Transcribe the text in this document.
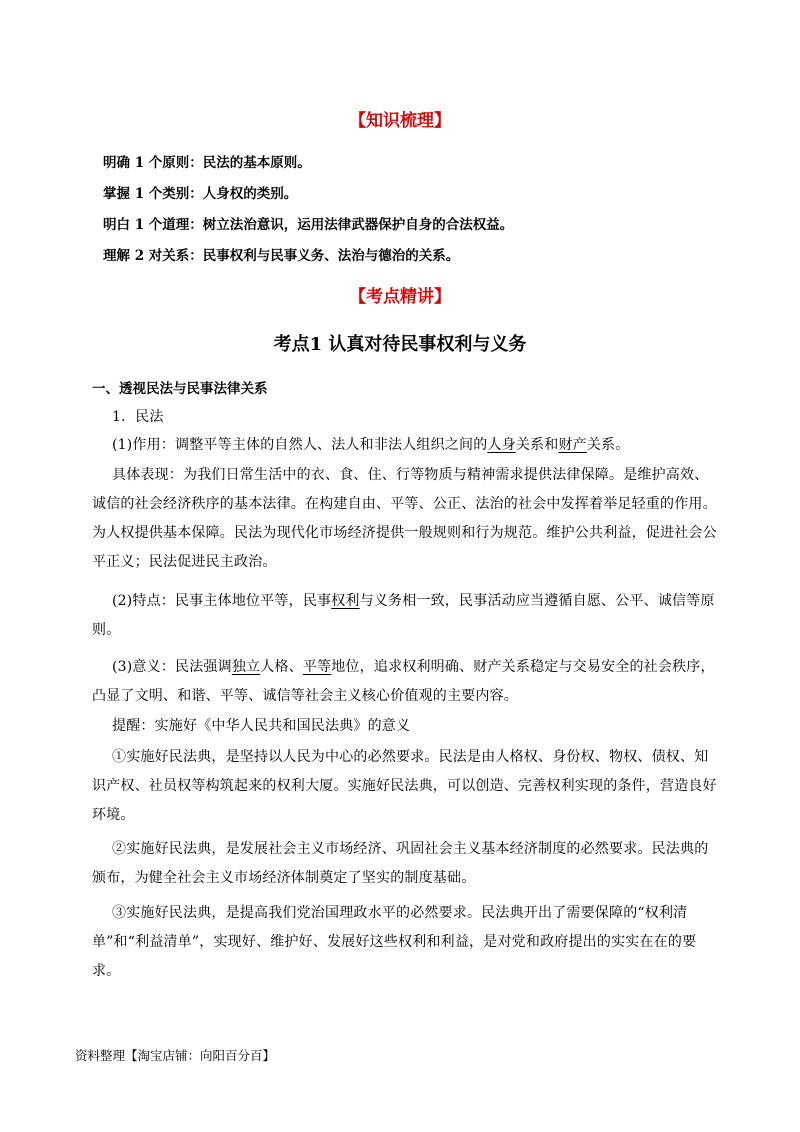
【知识梳理】
明确 1 个原则：民法的基本原则。
掌握 1 个类别：人身权的类别。
明白 1 个道理：树立法治意识，运用法律武器保护自身的合法权益。
理解 2 对关系：民事权利与民事义务、法治与德治的关系。
【考点精讲】
考点1 认真对待民事权利与义务
一、透视民法与民事法律关系
1．民法
(1)作用：调整平等主体的自然人、法人和非法人组织之间的人身关系和财产关系。
具体表现：为我们日常生活中的衣、食、住、行等物质与精神需求提供法律保障。是维护高效、
诚信的社会经济秩序的基本法律。在构建自由、平等、公正、法治的社会中发挥着举足轻重的作用。
为人权提供基本保障。民法为现代化市场经济提供一般规则和行为规范。维护公共利益，促进社会公
平正义；民法促进民主政治。
(2)特点：民事主体地位平等，民事权利与义务相一致，民事活动应当遵循自愿、公平、诚信等原
则。
(3)意义：民法强调独立人格、平等地位，追求权利明确、财产关系稳定与交易安全的社会秩序，
凸显了文明、和谐、平等、诚信等社会主义核心价值观的主要内容。
提醒：实施好《中华人民共和国民法典》的意义
①实施好民法典，是坚持以人民为中心的必然要求。民法是由人格权、身份权、物权、债权、知
识产权、社员权等构筑起来的权利大厦。实施好民法典，可以创造、完善权利实现的条件，营造良好
环境。
②实施好民法典，是发展社会主义市场经济、巩固社会主义基本经济制度的必然要求。民法典的
颁布，为健全社会主义市场经济体制奠定了坚实的制度基础。
③实施好民法典，是提高我们党治国理政水平的必然要求。民法典开出了需要保障的“权利清
单”和“利益清单”，实现好、维护好、发展好这些权利和利益，是对党和政府提出的实实在在的要
求。
资料整理【淘宝店铺：向阳百分百】
